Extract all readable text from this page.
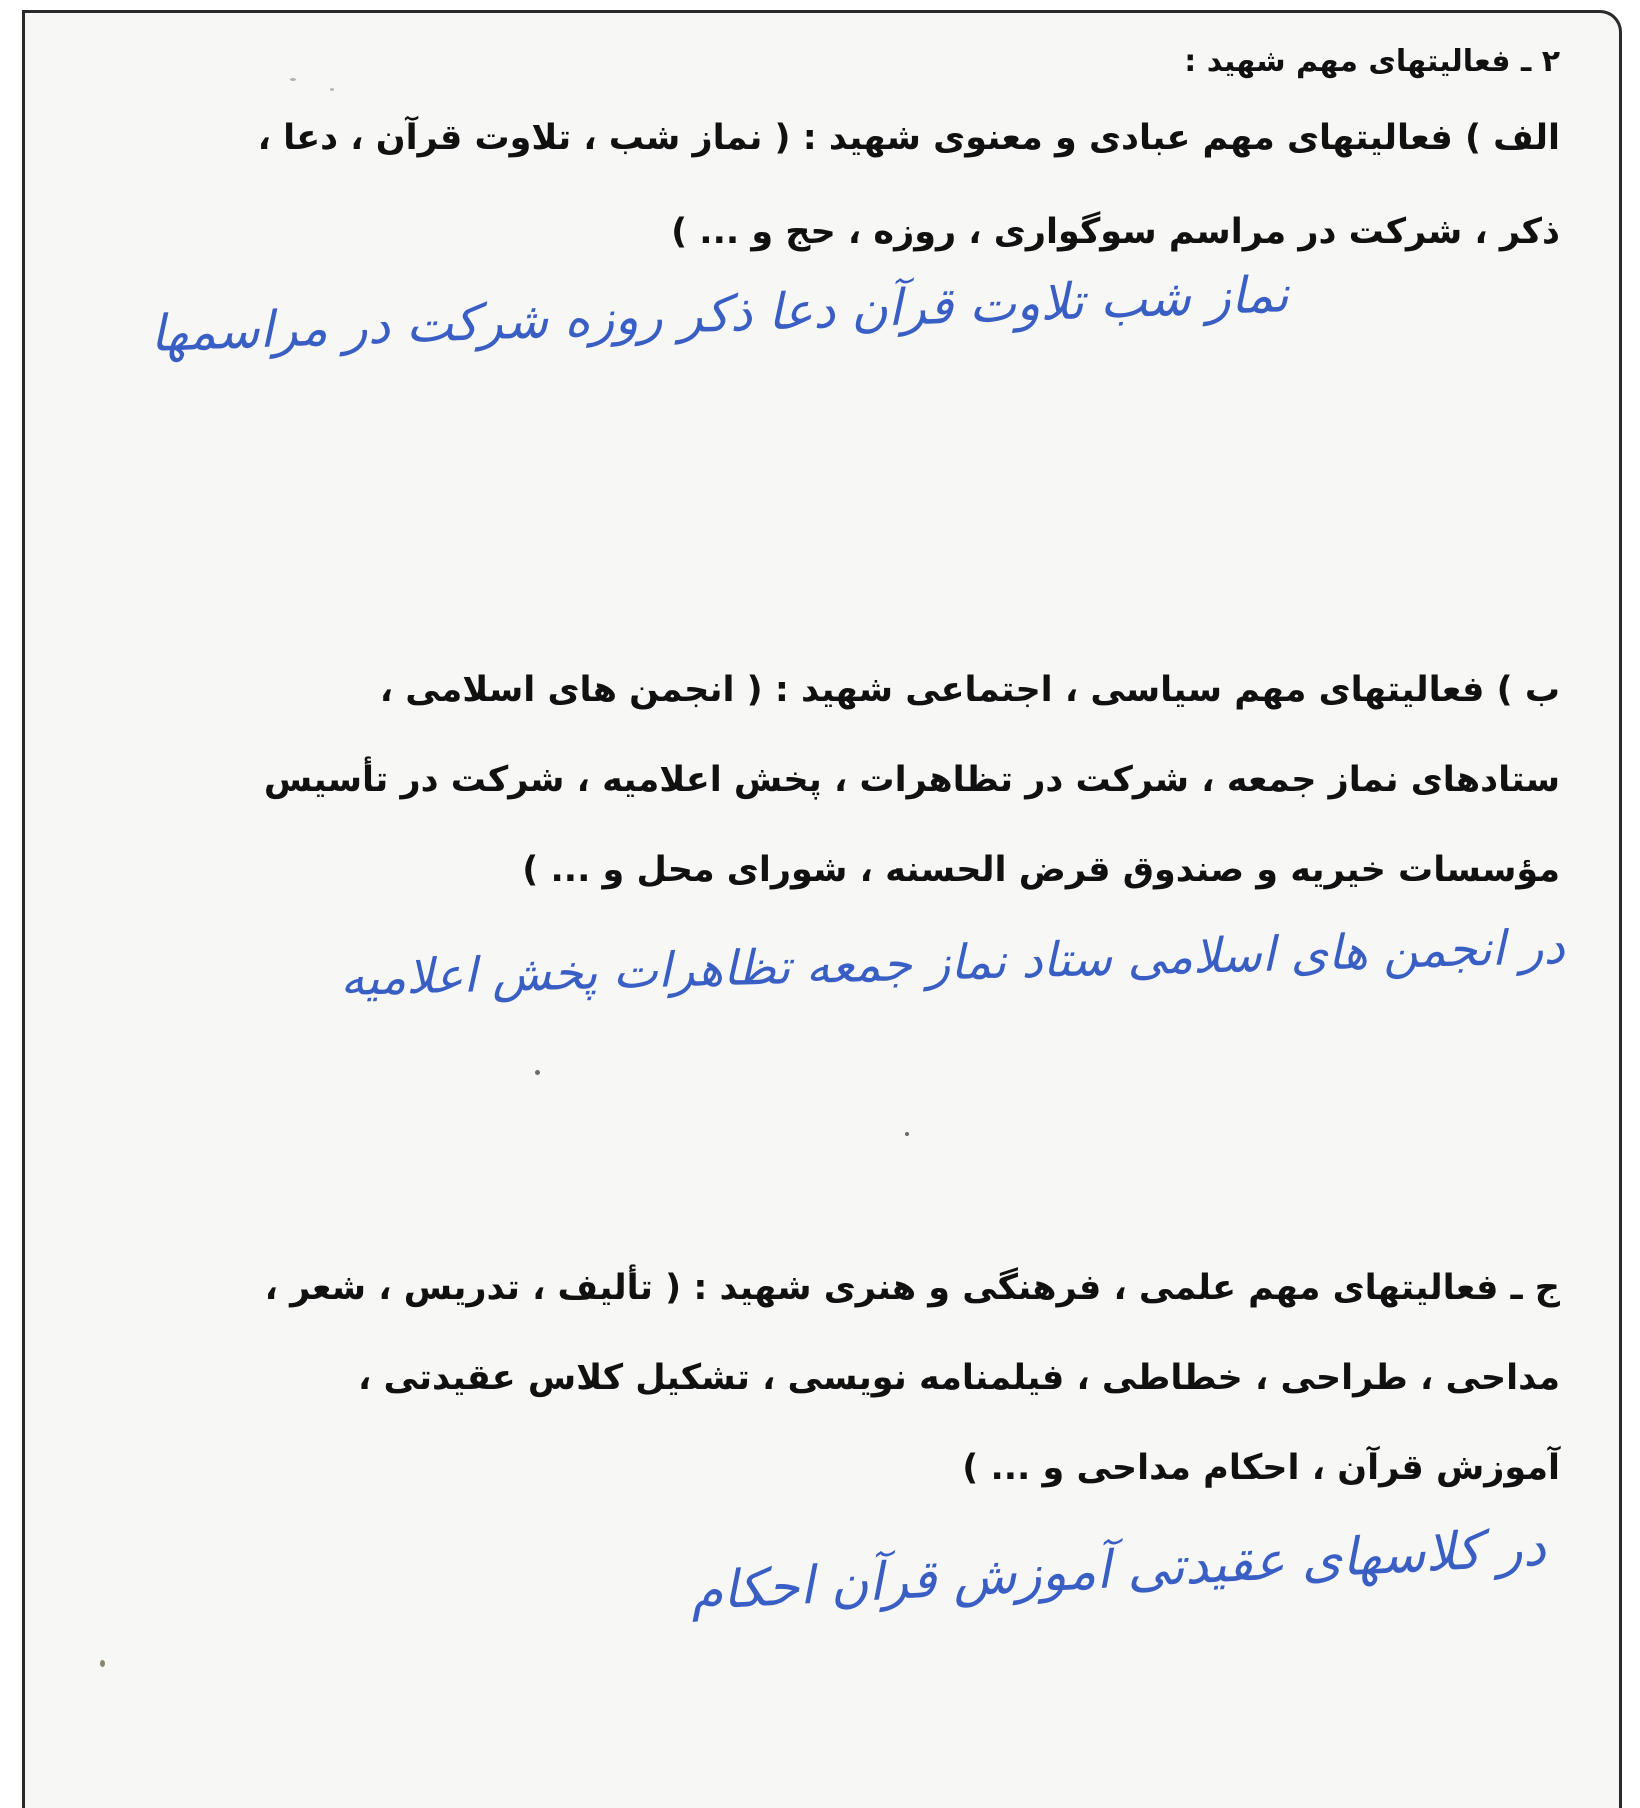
۲ ـ فعالیتهای مهم شهید :
الف ) فعالیتهای مهم عبادی و معنوی شهید : ( نماز شب ، تلاوت قرآن ، دعا ،
ذکر ، شرکت در مراسم سوگواری ، روزه ، حج و ... )
نماز شب تلاوت قرآن دعا ذکر روزه شرکت در مراسمها
ب ) فعالیتهای مهم سیاسی ، اجتماعی شهید : ( انجمن های اسلامی ،
ستادهای نماز جمعه ، شرکت در تظاهرات ، پخش اعلامیه ، شرکت در تأسیس
مؤسسات خیریه و صندوق قرض الحسنه ، شورای محل و ... )
در انجمن های اسلامی ستاد نماز جمعه تظاهرات پخش اعلامیه
ج ـ فعالیتهای مهم علمی ، فرهنگی و هنری شهید : ( تألیف ، تدریس ، شعر ،
مداحی ، طراحی ، خطاطی ، فیلمنامه نویسی ، تشکیل کلاس عقیدتی ،
آموزش قرآن ، احکام مداحی و ... )
در کلاسهای عقیدتی آموزش قرآن احکام
